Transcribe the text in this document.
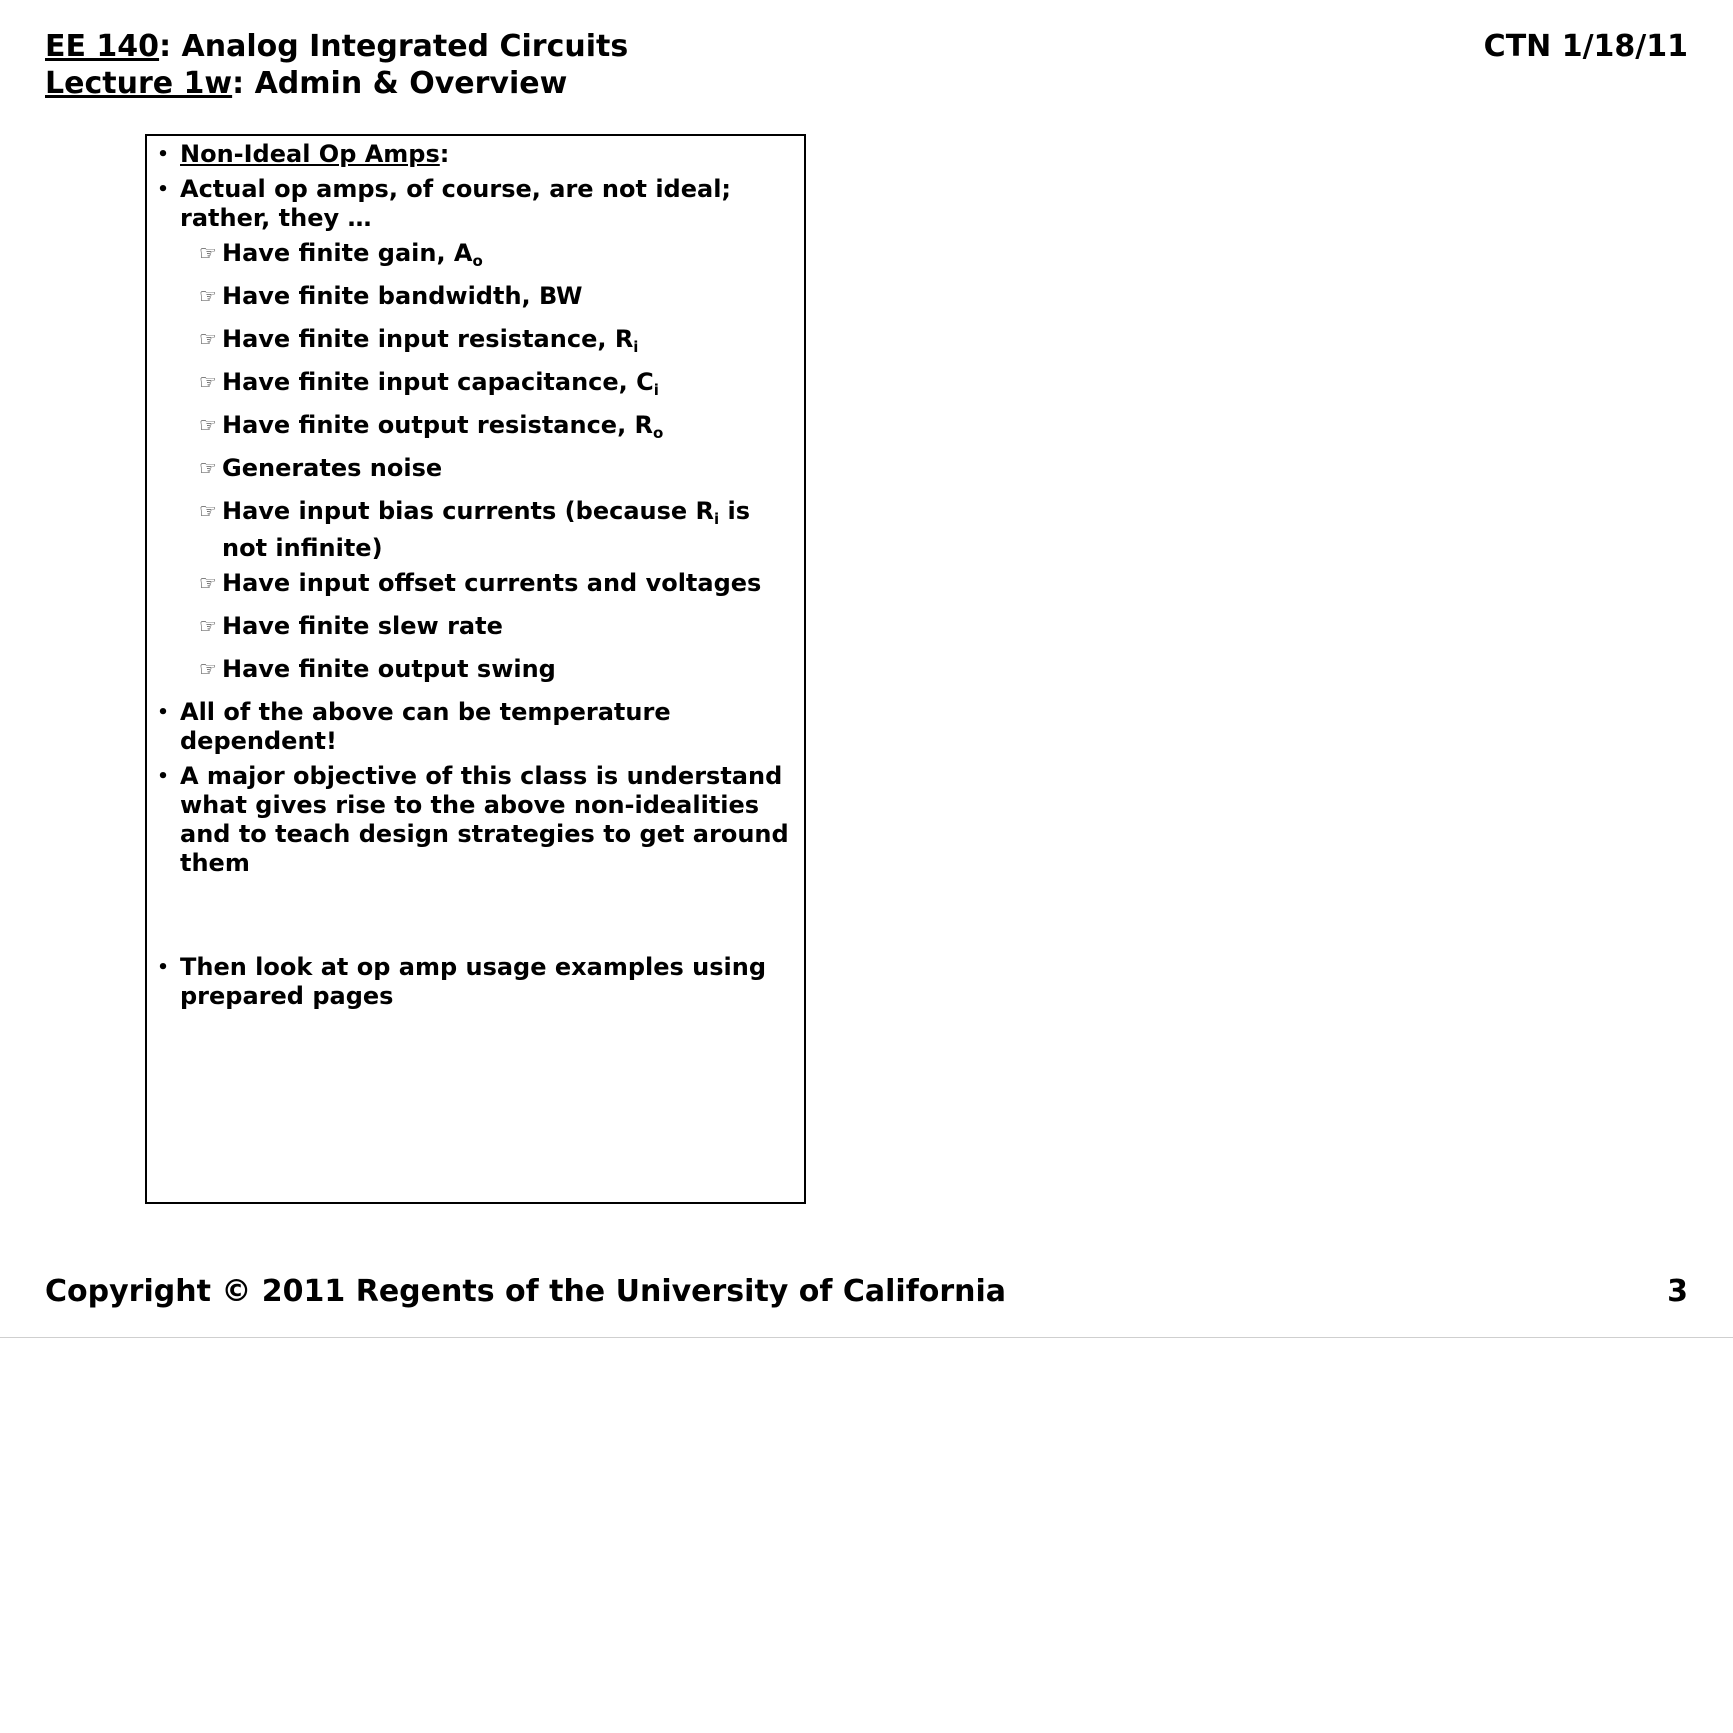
EE 140: Analog Integrated Circuits
Lecture 1w: Admin & Overview
CTN 1/18/11
• Non-Ideal Op Amps:
• Actual op amps, of course, are not ideal; rather, they …
☞ Have finite gain, $A_o$
☞ Have finite bandwidth, BW
☞ Have finite input resistance, $R_i$
☞ Have finite input capacitance, $C_i$
☞ Have finite output resistance, $R_o$
☞ Generates noise
☞ Have input bias currents (because $R_i$ is not infinite)
☞ Have input offset currents and voltages
☞ Have finite slew rate
☞ Have finite output swing
• All of the above can be temperature dependent!
• A major objective of this class is understand what gives rise to the above non-idealities and to teach design strategies to get around them
• Then look at op amp usage examples using prepared pages
Copyright © 2011 Regents of the University of California	3
